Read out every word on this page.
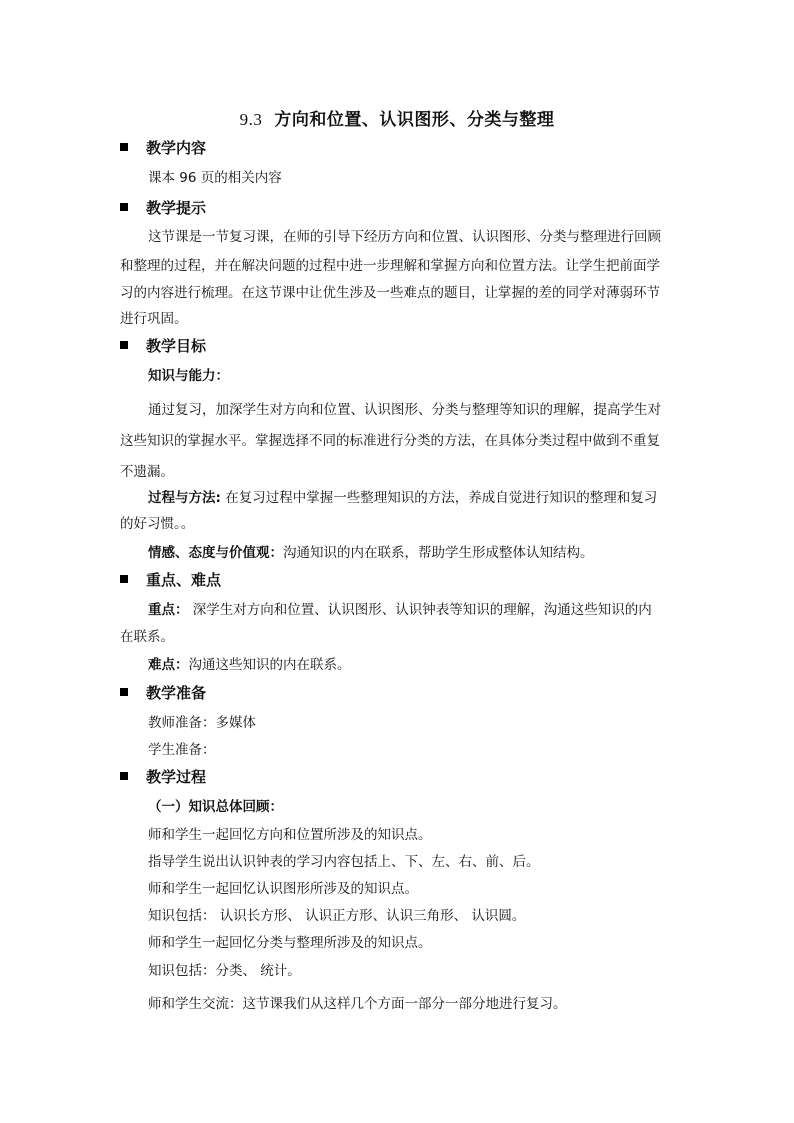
9.3 方向和位置、认识图形、分类与整理
教学内容
课本 96 页的相关内容
教学提示
这节课是一节复习课，在师的引导下经历方向和位置、认识图形、分类与整理进行回顾
和整理的过程，并在解决问题的过程中进一步理解和掌握方向和位置方法。让学生把前面学
习的内容进行梳理。在这节课中让优生涉及一些难点的题目，让掌握的差的同学对薄弱环节
进行巩固。
教学目标
知识与能力：
通过复习，加深学生对方向和位置、认识图形、分类与整理等知识的理解，提高学生对
这些知识的掌握水平。掌握选择不同的标准进行分类的方法，在具体分类过程中做到不重复
不遗漏。
过程与方法: 在复习过程中掌握一些整理知识的方法，养成自觉进行知识的整理和复习
的好习惯。。
情感、态度与价值观：沟通知识的内在联系，帮助学生形成整体认知结构。
重点、难点
重点： 深学生对方向和位置、认识图形、认识钟表等知识的理解，沟通这些知识的内
在联系。
难点：沟通这些知识的内在联系。
教学准备
教师准备：多媒体
学生准备：
教学过程
（一）知识总体回顾：
师和学生一起回忆方向和位置所涉及的知识点。
指导学生说出认识钟表的学习内容包括上、下、左、右、前、后。
师和学生一起回忆认识图形所涉及的知识点。
知识包括： 认识长方形、 认识正方形、认识三角形、 认识圆。
师和学生一起回忆分类与整理所涉及的知识点。
知识包括：分类、 统计。
师和学生交流：这节课我们从这样几个方面一部分一部分地进行复习。
